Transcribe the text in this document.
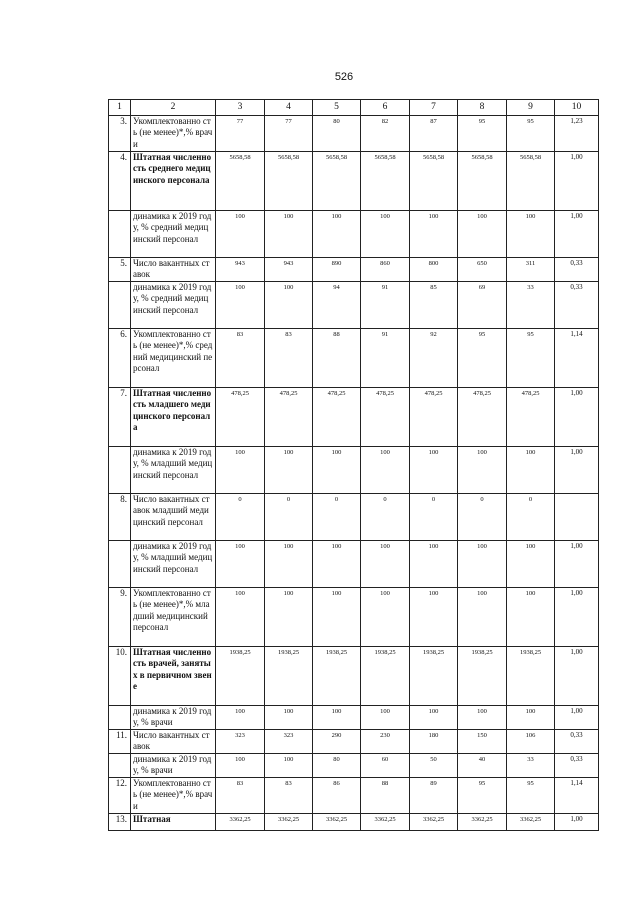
526
1	2	3	4	5	6	7	8	9	10
3.	Укомплектованно сть (не менее)*,% врачи	77	77	80	82	87	95	95	1,23
4.	Штатная численность среднего медицинского персонала	5658,58	5658,58	5658,58	5658,58	5658,58	5658,58	5658,58	1,00
	динамика к 2019 году, % средний медицинский персонал	100	100	100	100	100	100	100	1,00
5.	Число вакантных ставок	943	943	890	860	800	650	311	0,33
	динамика к 2019 году, % средний медицинский персонал	100	100	94	91	85	69	33	0,33
6.	Укомплектованно сть (не менее)*,% средний медицинский персонал	83	83	88	91	92	95	95	1,14
7.	Штатная численность младшего медицинского персонала	478,25	478,25	478,25	478,25	478,25	478,25	478,25	1,00
	динамика к 2019 году, % младший медицинский персонал	100	100	100	100	100	100	100	1,00
8.	Число вакантных ставок младший медицинский персонал	0	0	0	0	0	0	0	
	динамика к 2019 году, % младший медицинский персонал	100	100	100	100	100	100	100	1,00
9.	Укомплектованно сть (не менее)*,% младший медицинский персонал	100	100	100	100	100	100	100	1,00
10.	Штатная численность врачей, занятых в первичном звене	1938,25	1938,25	1938,25	1938,25	1938,25	1938,25	1938,25	1,00
	динамика к 2019 году, % врачи	100	100	100	100	100	100	100	1,00
11.	Число вакантных ставок	323	323	290	230	180	150	106	0,33
	динамика к 2019 году, % врачи	100	100	80	60	50	40	33	0,33
12.	Укомплектованно сть (не менее)*,% врачи	83	83	86	88	89	95	95	1,14
13.	Штатная	3362,25	3362,25	3362,25	3362,25	3362,25	3362,25	3362,25	1,00
